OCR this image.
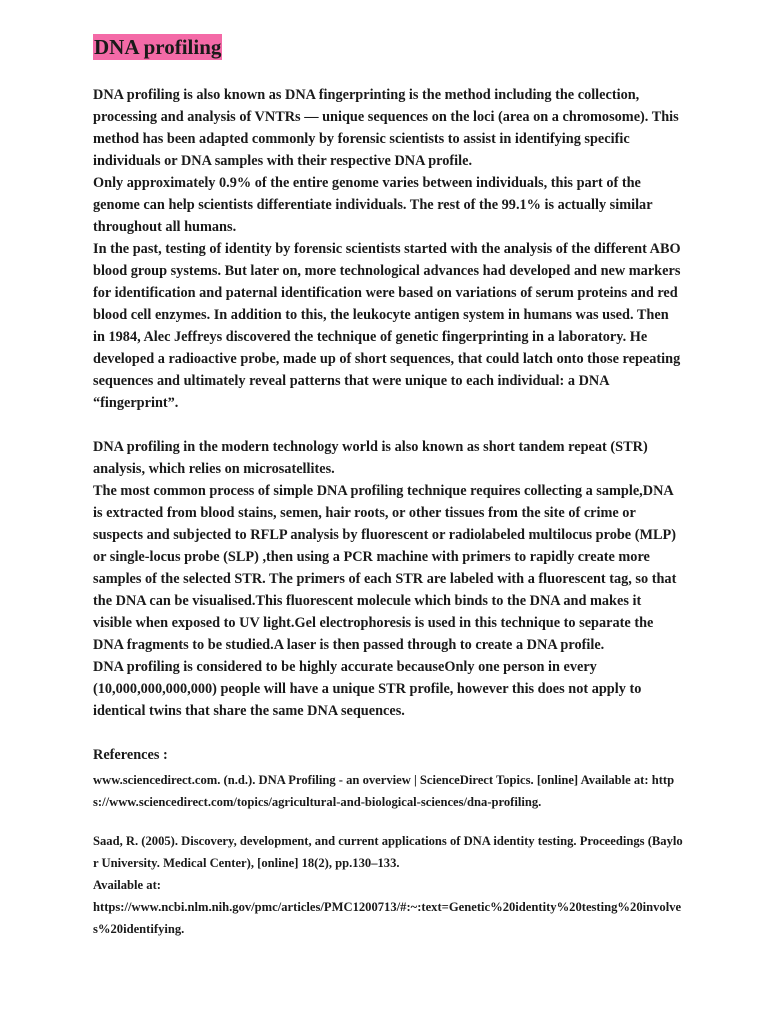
DNA profiling

DNA profiling is also known as DNA fingerprinting is the method including the collection, processing and analysis of VNTRs — unique sequences on the loci (area on a chromosome). This method has been adapted commonly by forensic scientists to assist in identifying specific individuals or DNA samples with their respective DNA profile.

Only approximately 0.9% of the entire genome varies between individuals, this part of the genome can help scientists differentiate individuals. The rest of the 99.1% is actually similar throughout all humans.

In the past, testing of identity by forensic scientists started with the analysis of the different ABO blood group systems. But later on, more technological advances had developed and new markers for identification and paternal identification were based on variations of serum proteins and red blood cell enzymes. In addition to this, the leukocyte antigen system in humans was used. Then in 1984, Alec Jeffreys discovered the technique of genetic fingerprinting in a laboratory. He developed a radioactive probe, made up of short sequences, that could latch onto those repeating sequences and ultimately reveal patterns that were unique to each individual: a DNA “fingerprint”.

DNA profiling in the modern technology world is also known as short tandem repeat (STR) analysis, which relies on microsatellites.

The most common process of simple DNA profiling technique requires collecting a sample,DNA is extracted from blood stains, semen, hair roots, or other tissues from the site of crime or suspects and subjected to RFLP analysis by fluorescent or radiolabeled multilocus probe (MLP) or single-locus probe (SLP) ,then using a PCR machine with primers to rapidly create more samples of the selected STR. The primers of each STR are labeled with a fluorescent tag, so that the DNA can be visualised.This fluorescent molecule which binds to the DNA and makes it visible when exposed to UV light.Gel electrophoresis is used in this technique to separate the DNA fragments to be studied.A laser is then passed through to create a DNA profile.

DNA profiling is considered to be highly accurate becauseOnly one person in every (10,000,000,000,000) people will have a unique STR profile, however this does not apply to identical twins that share the same DNA sequences.

References :
www.sciencedirect.com. (n.d.). DNA Profiling - an overview | ScienceDirect Topics. [online] Available at: https://www.sciencedirect.com/topics/agricultural-and-biological-sciences/dna-profiling.
Saad, R. (2005). Discovery, development, and current applications of DNA identity testing. Proceedings (Baylor University. Medical Center), [online] 18(2), pp.130–133.
Available at:
https://www.ncbi.nlm.nih.gov/pmc/articles/PMC1200713/#:~:text=Genetic%20identity%20testing%20involves%20identifying.
